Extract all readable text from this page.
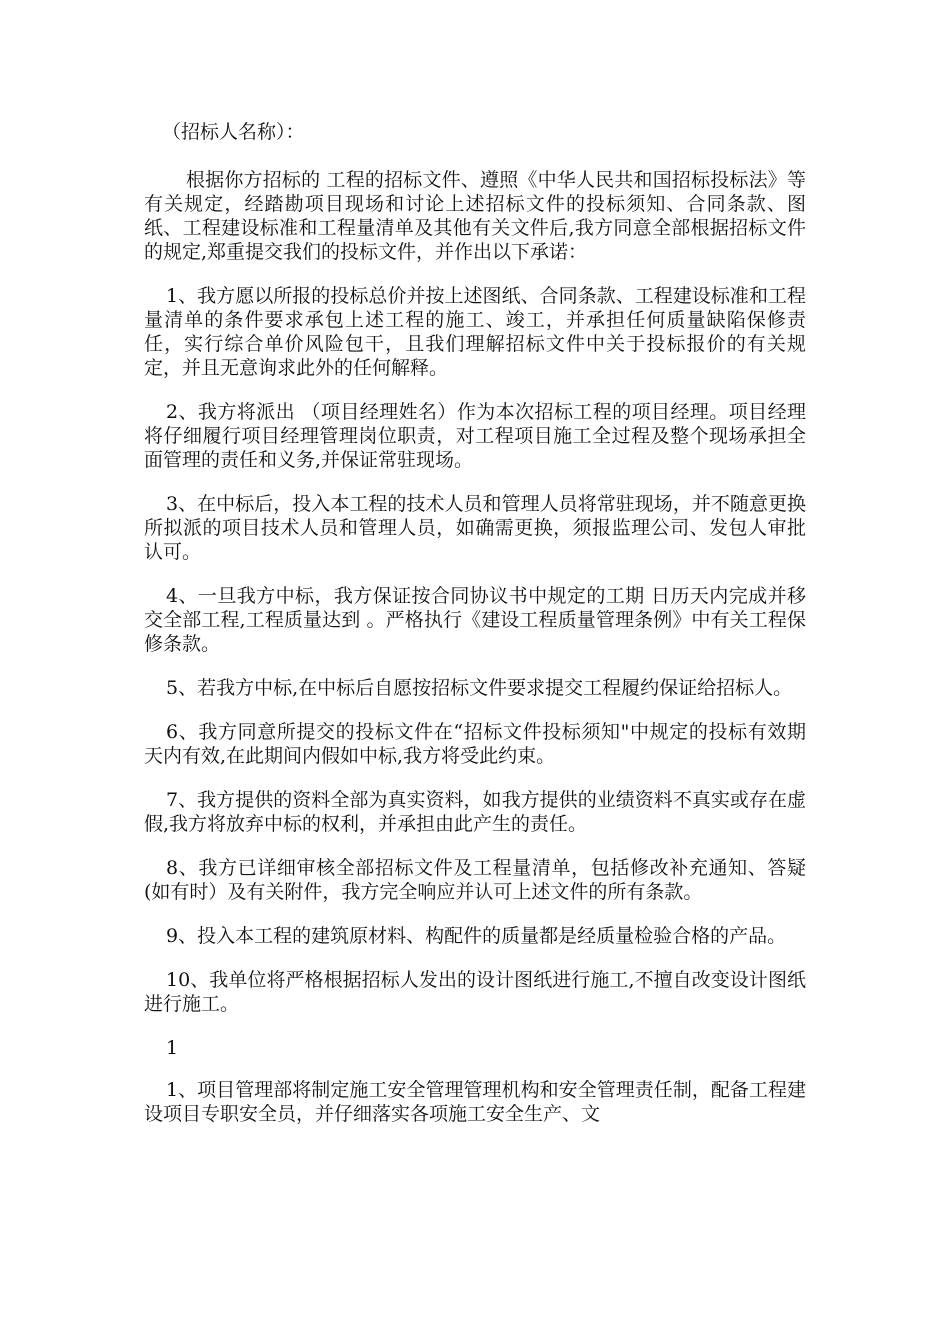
（招标人名称）：

根据你方招标的 工程的招标文件、遵照《中华人民共和国招标投标法》等有关规定，经踏勘项目现场和讨论上述招标文件的投标须知、合同条款、图纸、工程建设标准和工程量清单及其他有关文件后,我方同意全部根据招标文件的规定,郑重提交我们的投标文件，并作出以下承诺：

1、我方愿以所报的投标总价并按上述图纸、合同条款、工程建设标准和工程量清单的条件要求承包上述工程的施工、竣工，并承担任何质量缺陷保修责任，实行综合单价风险包干，且我们理解招标文件中关于投标报价的有关规定，并且无意询求此外的任何解释。

2、我方将派出 （项目经理姓名）作为本次招标工程的项目经理。项目经理将仔细履行项目经理管理岗位职责，对工程项目施工全过程及整个现场承担全面管理的责任和义务,并保证常驻现场。

3、在中标后，投入本工程的技术人员和管理人员将常驻现场，并不随意更换所拟派的项目技术人员和管理人员，如确需更换，须报监理公司、发包人审批认可。

4、一旦我方中标，我方保证按合同协议书中规定的工期 日历天内完成并移交全部工程,工程质量达到 。严格执行《建设工程质量管理条例》中有关工程保修条款。

5、若我方中标,在中标后自愿按招标文件要求提交工程履约保证给招标人。

6、我方同意所提交的投标文件在“招标文件投标须知"中规定的投标有效期 天内有效,在此期间内假如中标,我方将受此约束。

7、我方提供的资料全部为真实资料，如我方提供的业绩资料不真实或存在虚假,我方将放弃中标的权利，并承担由此产生的责任。

8、我方已详细审核全部招标文件及工程量清单，包括修改补充通知、答疑(如有时）及有关附件，我方完全响应并认可上述文件的所有条款。

9、投入本工程的建筑原材料、构配件的质量都是经质量检验合格的产品。

10、我单位将严格根据招标人发出的设计图纸进行施工,不擅自改变设计图纸进行施工。

1

1、项目管理部将制定施工安全管理管理机构和安全管理责任制，配备工程建设项目专职安全员，并仔细落实各项施工安全生产、文
